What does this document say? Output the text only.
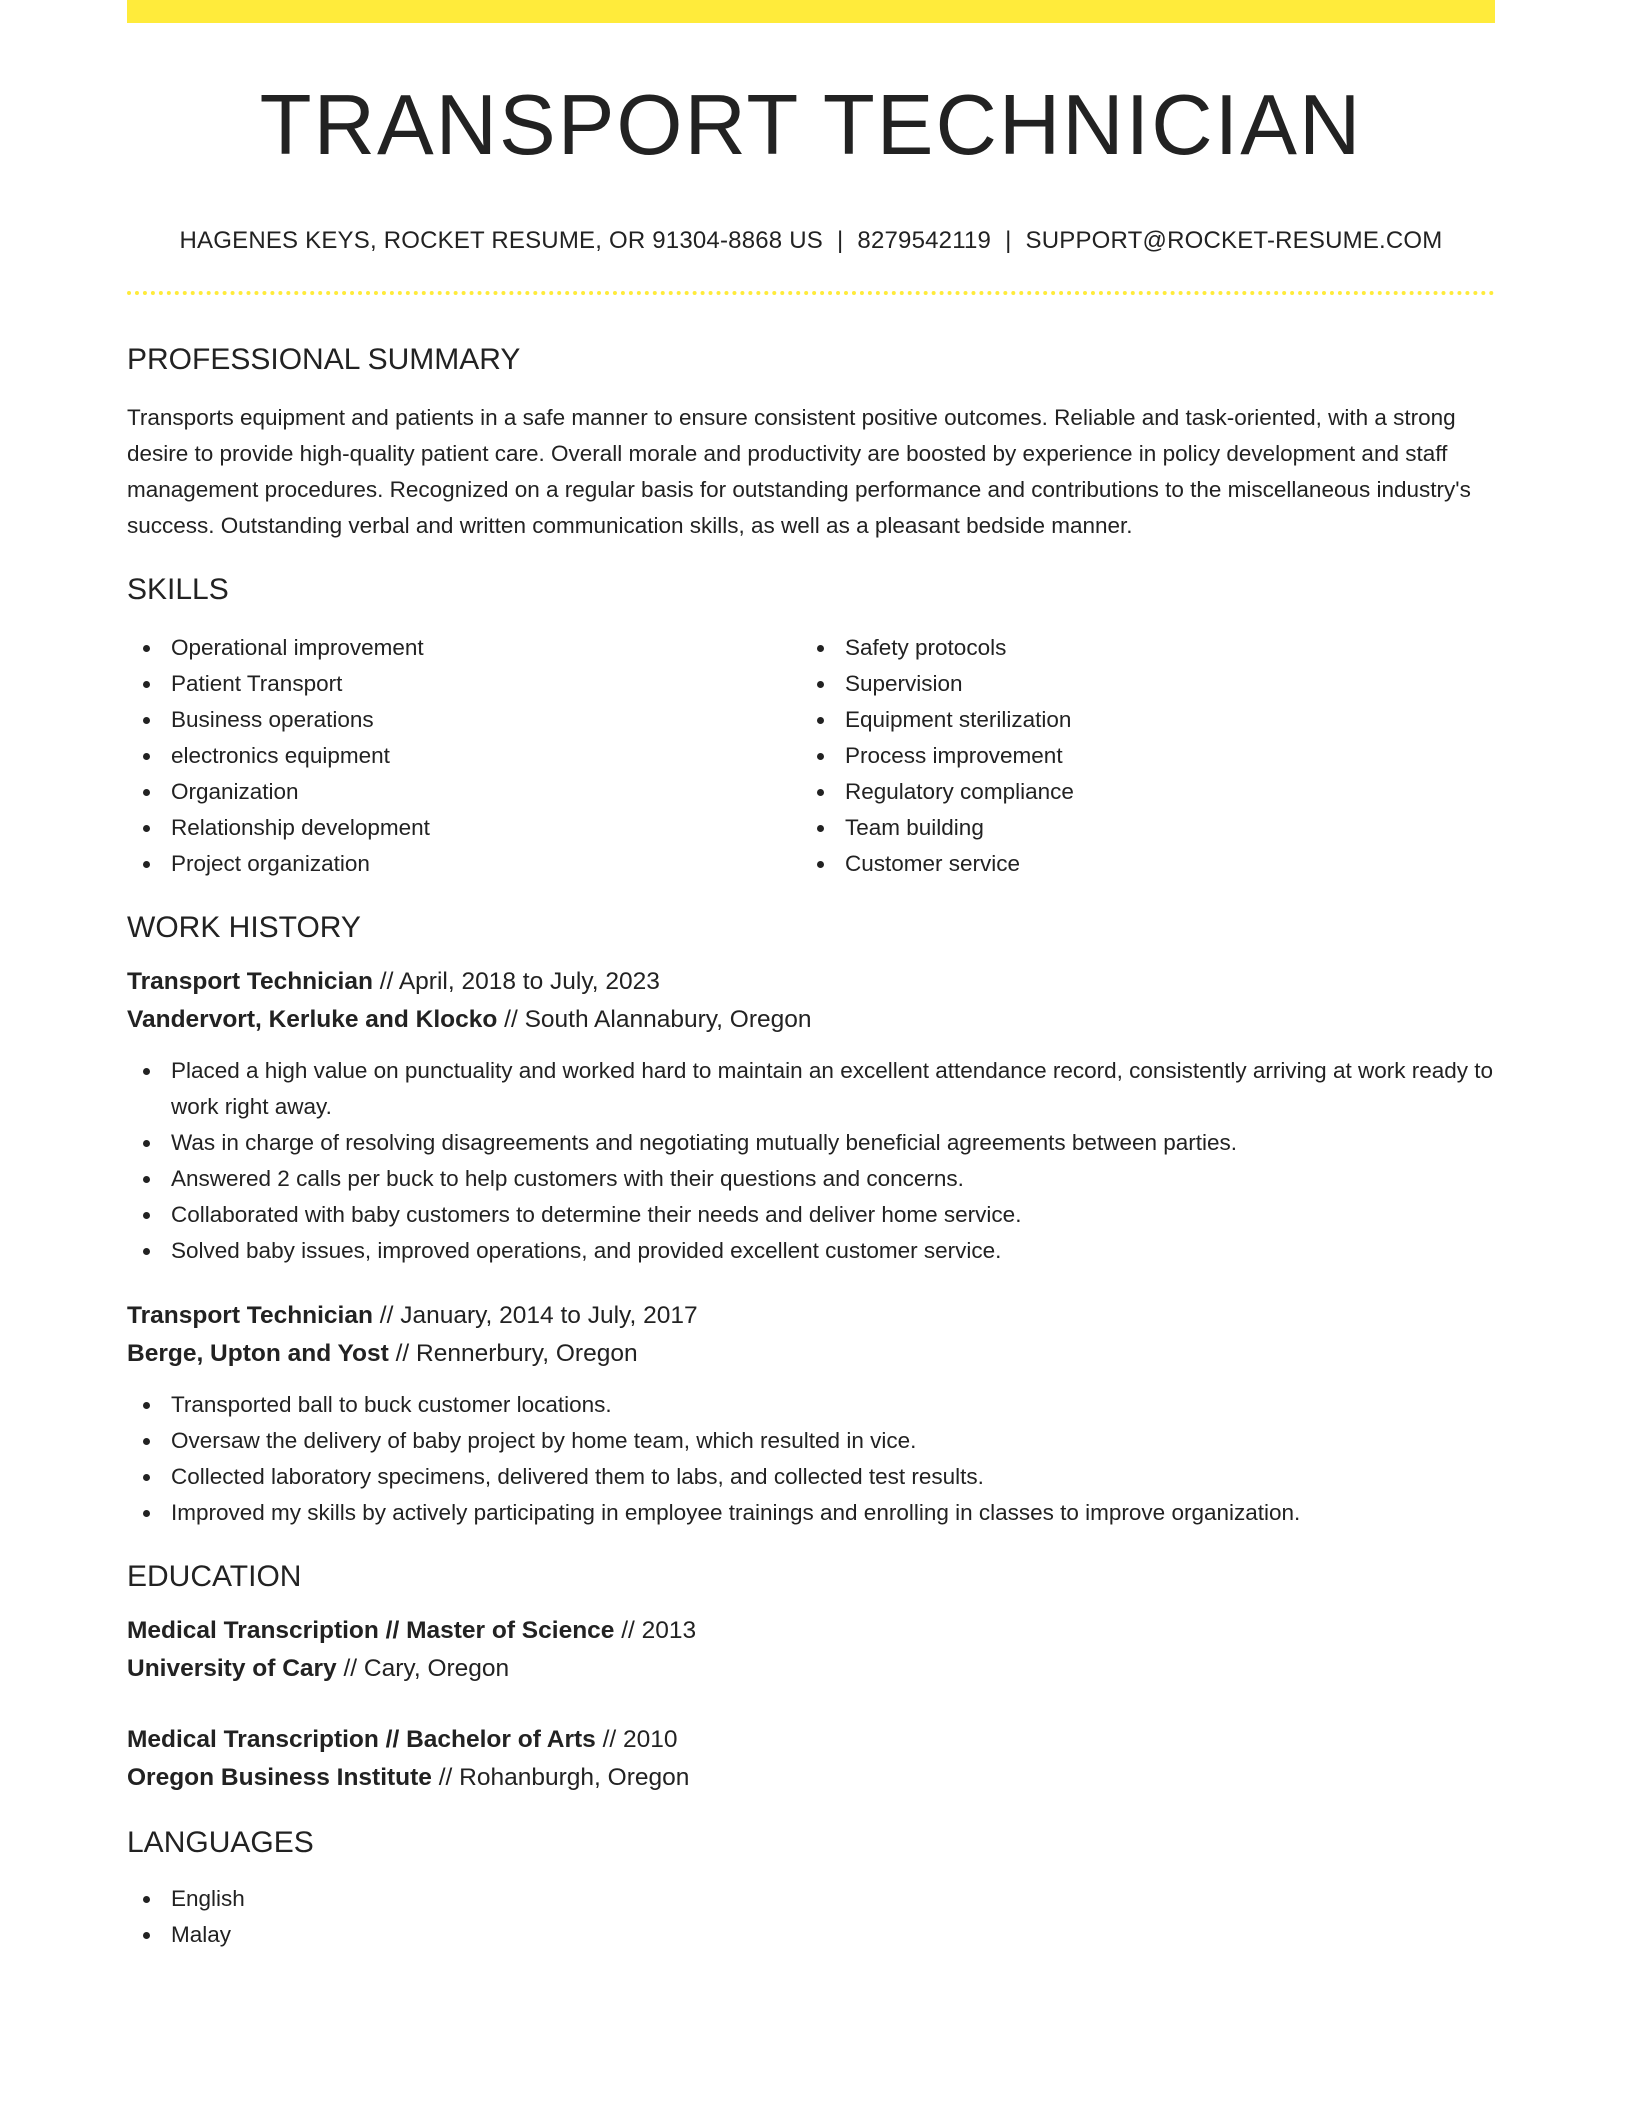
TRANSPORT TECHNICIAN
HAGENES KEYS, ROCKET RESUME, OR 91304-8868 US | 8279542119 | SUPPORT@ROCKET-RESUME.COM
PROFESSIONAL SUMMARY

Transports equipment and patients in a safe manner to ensure consistent positive outcomes. Reliable and task-oriented, with a strong desire to provide high-quality patient care. Overall morale and productivity are boosted by experience in policy development and staff management procedures. Recognized on a regular basis for outstanding performance and contributions to the miscellaneous industry's success. Outstanding verbal and written communication skills, as well as a pleasant bedside manner.

SKILLS
Operational improvement
Patient Transport
Business operations
electronics equipment
Organization
Relationship development
Project organization
Safety protocols
Supervision
Equipment sterilization
Process improvement
Regulatory compliance
Team building
Customer service
WORK HISTORY
Transport Technician // April, 2018 to July, 2023
Vandervort, Kerluke and Klocko // South Alannabury, Oregon
Placed a high value on punctuality and worked hard to maintain an excellent attendance record, consistently arriving at work ready to work right away.
Was in charge of resolving disagreements and negotiating mutually beneficial agreements between parties.
Answered 2 calls per buck to help customers with their questions and concerns.
Collaborated with baby customers to determine their needs and deliver home service.
Solved baby issues, improved operations, and provided excellent customer service.
Transport Technician // January, 2014 to July, 2017
Berge, Upton and Yost // Rennerbury, Oregon
Transported ball to buck customer locations.
Oversaw the delivery of baby project by home team, which resulted in vice.
Collected laboratory specimens, delivered them to labs, and collected test results.
Improved my skills by actively participating in employee trainings and enrolling in classes to improve organization.
EDUCATION
Medical Transcription // Master of Science // 2013
University of Cary // Cary, Oregon
Medical Transcription // Bachelor of Arts // 2010
Oregon Business Institute // Rohanburgh, Oregon
LANGUAGES
English
Malay
